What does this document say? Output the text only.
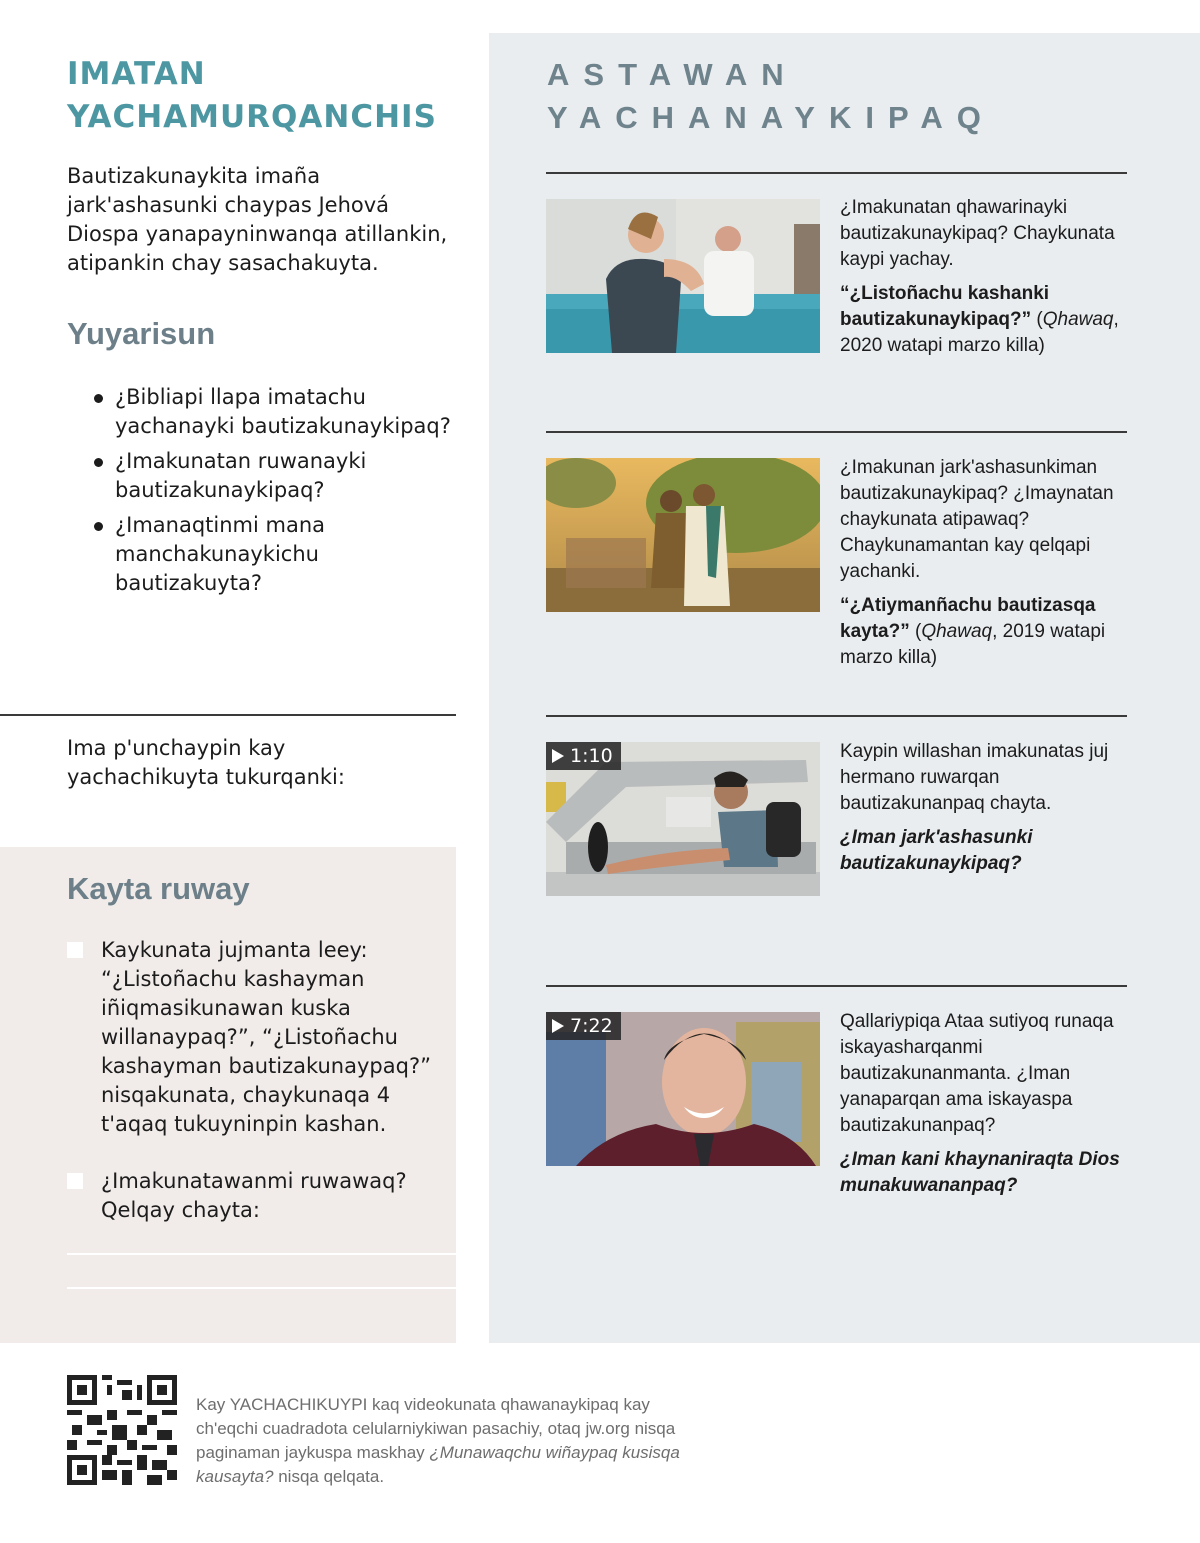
IMATAN
YACHAMURQANCHIS
Bautizakunaykita imaña jark'ashasunki chaypas Jehová Diospa yanapayninwanqa atillankin, atipankin chay sasachakuyta.
Yuyarisun
¿Bibliapi llapa imatachu yachanayki bautizakunaykipaq?
¿Imakunatan ruwanayki bautizakunaykipaq?
¿Imanaqtinmi mana manchakunaykichu bautizakuyta?
Ima p'unchaypin kay yachachikuyta tukurqanki:
Kayta ruway
Kaykunata jujmanta leey: “¿Listoñachu kashayman iñiqmasikunawan kuska willanaypaq?”, “¿Listoñachu kashayman bautizakunaypaq?” nisqakunata, chaykunaqa 4 t'aqaq tukuyninpin kashan.
¿Imakunatawanmi ruwawaq? Qelqay chayta:
ASTAWAN
YACHANAYKIPAQ
¿Imakunatan qhawarinayki bautizakunaykipaq? Chaykunata kaypi yachay.
“¿Listoñachu kashanki bautizakunaykipaq?” (Qhawaq, 2020 watapi marzo killa)
¿Imakunan jark'ashasunkiman bautizakunaykipaq? ¿Imaynatan chaykunata atipawaq? Chaykunamantan kay qelqapi yachanki.
“¿Atiymanñachu bautizasqa kayta?” (Qhawaq, 2019 watapi marzo killa)
1:10	Kaypin willashan imakunatas juj hermano ruwarqan bautizakunanpaq chayta.
¿Iman jark'ashasunki bautizakunaykipaq?
7:22	Qallariypiqa Ataa sutiyoq runaqa iskayasharqanmi bautizakunanmanta. ¿Iman yanaparqan ama iskayaspa bautizakunanpaq?
¿Iman kani khaynaniraqta Dios munakuwananpaq?
Kay YACHACHIKUYPI kaq videokunata qhawanaykipaq kay ch'eqchi cuadradota celularniykiwan pasachiy, otaq jw.org nisqa paginaman jaykuspa maskhay ¿Munawaqchu wiñaypaq kusisqa kausayta? nisqa qelqata.
